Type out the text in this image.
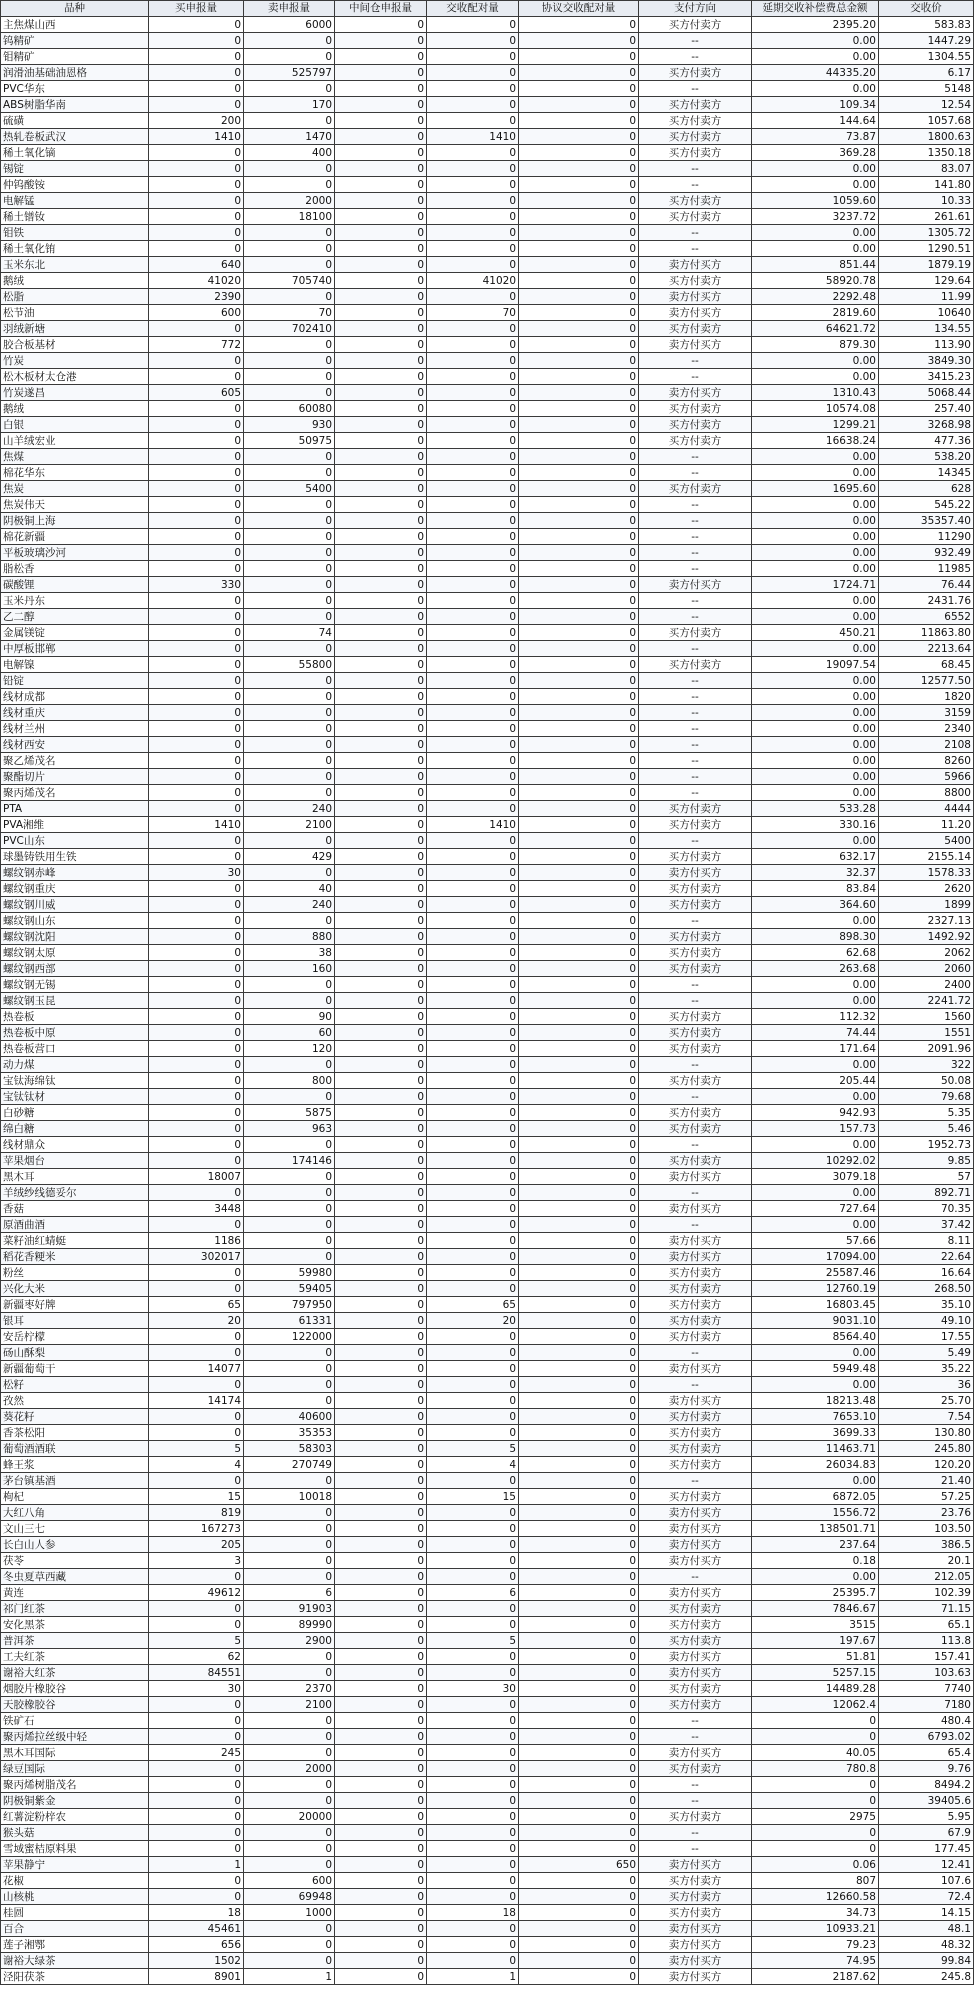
品种	买申报量	卖申报量	中间仓申报量	交收配对量	协议交收配对量	支付方向	延期交收补偿费总金额	交收价
主焦煤山西	0	6000	0	0	0	买方付卖方	2395.20	583.83
钨精矿	0	0	0	0	0	--	0.00	1447.29
钼精矿	0	0	0	0	0	--	0.00	1304.55
润滑油基础油恩格	0	525797	0	0	0	买方付卖方	44335.20	6.17
PVC华东	0	0	0	0	0	--	0.00	5148
ABS树脂华南	0	170	0	0	0	买方付卖方	109.34	12.54
硫磺	200	0	0	0	0	买方付卖方	144.64	1057.68
热轧卷板武汉	1410	1470	0	1410	0	买方付卖方	73.87	1800.63
稀土氧化镝	0	400	0	0	0	买方付卖方	369.28	1350.18
锡锭	0	0	0	0	0	--	0.00	83.07
仲钨酸铵	0	0	0	0	0	--	0.00	141.80
电解锰	0	2000	0	0	0	买方付卖方	1059.60	10.33
稀土镨钕	0	18100	0	0	0	买方付卖方	3237.72	261.61
钼铁	0	0	0	0	0	--	0.00	1305.72
稀土氧化铕	0	0	0	0	0	--	0.00	1290.51
玉米东北	640	0	0	0	0	卖方付买方	851.44	1879.19
鹅绒	41020	705740	0	41020	0	买方付卖方	58920.78	129.64
松脂	2390	0	0	0	0	卖方付买方	2292.48	11.99
松节油	600	70	0	70	0	卖方付买方	2819.60	10640
羽绒新塘	0	702410	0	0	0	买方付卖方	64621.72	134.55
胶合板基材	772	0	0	0	0	卖方付买方	879.30	113.90
竹炭	0	0	0	0	0	--	0.00	3849.30
松木板材太仓港	0	0	0	0	0	--	0.00	3415.23
竹炭遂昌	605	0	0	0	0	卖方付买方	1310.43	5068.44
鹅绒	0	60080	0	0	0	买方付卖方	10574.08	257.40
白银	0	930	0	0	0	买方付卖方	1299.21	3268.98
山羊绒宏业	0	50975	0	0	0	买方付卖方	16638.24	477.36
焦煤	0	0	0	0	0	--	0.00	538.20
棉花华东	0	0	0	0	0	--	0.00	14345
焦炭	0	5400	0	0	0	买方付卖方	1695.60	628
焦炭伟天	0	0	0	0	0	--	0.00	545.22
阴极铜上海	0	0	0	0	0	--	0.00	35357.40
棉花新疆	0	0	0	0	0	--	0.00	11290
平板玻璃沙河	0	0	0	0	0	--	0.00	932.49
脂松香	0	0	0	0	0	--	0.00	11985
碳酸锂	330	0	0	0	0	卖方付买方	1724.71	76.44
玉米丹东	0	0	0	0	0	--	0.00	2431.76
乙二醇	0	0	0	0	0	--	0.00	6552
金属镁锭	0	74	0	0	0	买方付卖方	450.21	11863.80
中厚板邯郸	0	0	0	0	0	--	0.00	2213.64
电解镍	0	55800	0	0	0	买方付卖方	19097.54	68.45
铅锭	0	0	0	0	0	--	0.00	12577.50
线材成都	0	0	0	0	0	--	0.00	1820
线材重庆	0	0	0	0	0	--	0.00	3159
线材兰州	0	0	0	0	0	--	0.00	2340
线材西安	0	0	0	0	0	--	0.00	2108
聚乙烯茂名	0	0	0	0	0	--	0.00	8260
聚酯切片	0	0	0	0	0	--	0.00	5966
聚丙烯茂名	0	0	0	0	0	--	0.00	8800
PTA	0	240	0	0	0	买方付卖方	533.28	4444
PVA湘维	1410	2100	0	1410	0	买方付卖方	330.16	11.20
PVC山东	0	0	0	0	0	--	0.00	5400
球墨铸铁用生铁	0	429	0	0	0	买方付卖方	632.17	2155.14
螺纹钢赤峰	30	0	0	0	0	卖方付买方	32.37	1578.33
螺纹钢重庆	0	40	0	0	0	买方付卖方	83.84	2620
螺纹钢川威	0	240	0	0	0	买方付卖方	364.60	1899
螺纹钢山东	0	0	0	0	0	--	0.00	2327.13
螺纹钢沈阳	0	880	0	0	0	买方付卖方	898.30	1492.92
螺纹钢太原	0	38	0	0	0	买方付卖方	62.68	2062
螺纹钢西部	0	160	0	0	0	买方付卖方	263.68	2060
螺纹钢无锡	0	0	0	0	0	--	0.00	2400
螺纹钢玉昆	0	0	0	0	0	--	0.00	2241.72
热卷板	0	90	0	0	0	买方付卖方	112.32	1560
热卷板中原	0	60	0	0	0	买方付卖方	74.44	1551
热卷板营口	0	120	0	0	0	买方付卖方	171.64	2091.96
动力煤	0	0	0	0	0	--	0.00	322
宝钛海绵钛	0	800	0	0	0	买方付卖方	205.44	50.08
宝钛钛材	0	0	0	0	0	--	0.00	79.68
白砂糖	0	5875	0	0	0	买方付卖方	942.93	5.35
绵白糖	0	963	0	0	0	买方付卖方	157.73	5.46
线材鼎众	0	0	0	0	0	--	0.00	1952.73
苹果烟台	0	174146	0	0	0	买方付卖方	10292.02	9.85
黑木耳	18007	0	0	0	0	卖方付买方	3079.18	57
羊绒纱线德妥尔	0	0	0	0	0	--	0.00	892.71
香菇	3448	0	0	0	0	卖方付买方	727.64	70.35
原酒曲酒	0	0	0	0	0	--	0.00	37.42
菜籽油红蜻蜓	1186	0	0	0	0	卖方付买方	57.66	8.11
稻花香粳米	302017	0	0	0	0	卖方付买方	17094.00	22.64
粉丝	0	59980	0	0	0	买方付卖方	25587.46	16.64
兴化大米	0	59405	0	0	0	买方付卖方	12760.19	268.50
新疆枣好牌	65	797950	0	65	0	买方付卖方	16803.45	35.10
银耳	20	61331	0	20	0	买方付卖方	9031.10	49.10
安岳柠檬	0	122000	0	0	0	买方付卖方	8564.40	17.55
砀山酥梨	0	0	0	0	0	--	0.00	5.49
新疆葡萄干	14077	0	0	0	0	卖方付买方	5949.48	35.22
松籽	0	0	0	0	0	--	0.00	36
孜然	14174	0	0	0	0	卖方付买方	18213.48	25.70
葵花籽	0	40600	0	0	0	买方付卖方	7653.10	7.54
香茶松阳	0	35353	0	0	0	买方付卖方	3699.33	130.80
葡萄酒酒联	5	58303	0	5	0	买方付卖方	11463.71	245.80
蜂王浆	4	270749	0	4	0	买方付卖方	26034.83	120.20
茅台镇基酒	0	0	0	0	0	--	0.00	21.40
枸杞	15	10018	0	15	0	买方付卖方	6872.05	57.25
大红八角	819	0	0	0	0	卖方付买方	1556.72	23.76
文山三七	167273	0	0	0	0	卖方付买方	138501.71	103.50
长白山人参	205	0	0	0	0	卖方付买方	237.64	386.5
茯苓	3	0	0	0	0	卖方付买方	0.18	20.1
冬虫夏草西藏	0	0	0	0	0	--	0.00	212.05
黄连	49612	6	0	6	0	卖方付买方	25395.7	102.39
祁门红茶	0	91903	0	0	0	买方付卖方	7846.67	71.15
安化黑茶	0	89990	0	0	0	买方付卖方	3515	65.1
普洱茶	5	2900	0	5	0	买方付卖方	197.67	113.8
工夫红茶	62	0	0	0	0	卖方付买方	51.81	157.41
谢裕大红茶	84551	0	0	0	0	卖方付买方	5257.15	103.63
烟胶片橡胶谷	30	2370	0	30	0	买方付卖方	14489.28	7740
天胶橡胶谷	0	2100	0	0	0	买方付卖方	12062.4	7180
铁矿石	0	0	0	0	0	--	0	480.4
聚丙烯拉丝级中轻	0	0	0	0	0	--	0	6793.02
黑木耳国际	245	0	0	0	0	卖方付买方	40.05	65.4
绿豆国际	0	2000	0	0	0	买方付卖方	780.8	9.76
聚丙烯树脂茂名	0	0	0	0	0	--	0	8494.2
阴极铜紫金	0	0	0	0	0	--	0	39405.6
红薯淀粉梓农	0	20000	0	0	0	买方付卖方	2975	5.95
猴头菇	0	0	0	0	0	--	0	67.9
雪域蜜桔原料果	0	0	0	0	0	--	0	177.45
苹果静宁	1	0	0	0	650	卖方付买方	0.06	12.41
花椒	0	600	0	0	0	买方付卖方	807	107.6
山核桃	0	69948	0	0	0	买方付卖方	12660.58	72.4
桂圆	18	1000	0	18	0	买方付卖方	34.73	14.15
百合	45461	0	0	0	0	卖方付买方	10933.21	48.1
莲子湘鄂	656	0	0	0	0	卖方付买方	79.23	48.32
谢裕大绿茶	1502	0	0	0	0	卖方付买方	74.95	99.84
泾阳茯茶	8901	1	0	1	0	卖方付买方	2187.62	245.8
